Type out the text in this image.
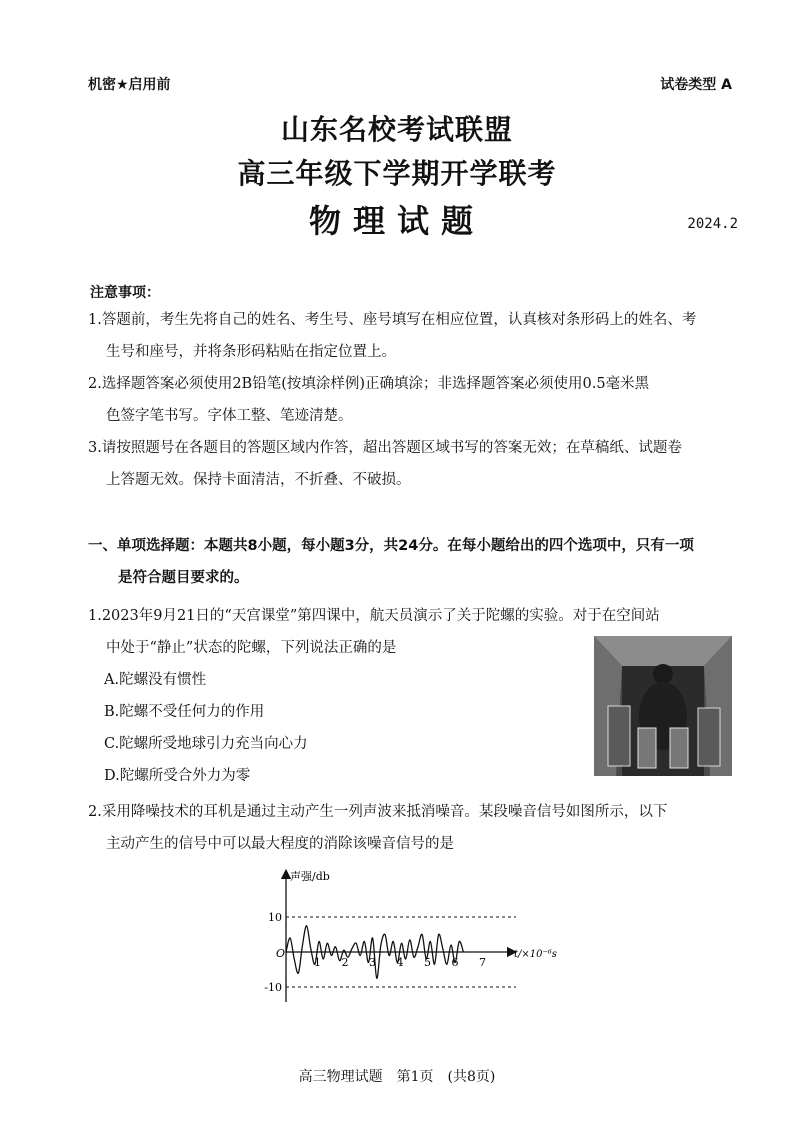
机密★启用前	试卷类型 A
山东名校考试联盟
高三年级下学期开学联考
物理试题	2024.2
注意事项：
1.答题前，考生先将自己的姓名、考生号、座号填写在相应位置，认真核对条形码上的姓名、考
生号和座号，并将条形码粘贴在指定位置上。
2.选择题答案必须使用2B铅笔(按填涂样例)正确填涂；非选择题答案必须使用0.5毫米黑
色签字笔书写。字体工整、笔迹清楚。
3.请按照题号在各题目的答题区域内作答，超出答题区域书写的答案无效；在草稿纸、试题卷
上答题无效。保持卡面清洁，不折叠、不破损。
一、单项选择题：本题共8小题，每小题3分，共24分。在每小题给出的四个选项中，只有一项
是符合题目要求的。
1.2023年9月21日的“天宫课堂”第四课中，航天员演示了关于陀螺的实验。对于在空间站
中处于“静止”状态的陀螺，下列说法正确的是
A.陀螺没有惯性
B.陀螺不受任何力的作用
C.陀螺所受地球引力充当向心力
D.陀螺所受合外力为零
2.采用降噪技术的耳机是通过主动产生一列声波来抵消噪音。某段噪音信号如图所示，以下
主动产生的信号中可以最大程度的消除该噪音信号的是
10
-10
1 2 3 4 5 6 7
O
声强/db
t/×10⁻⁶s
高三物理试题　第1页　(共8页)
